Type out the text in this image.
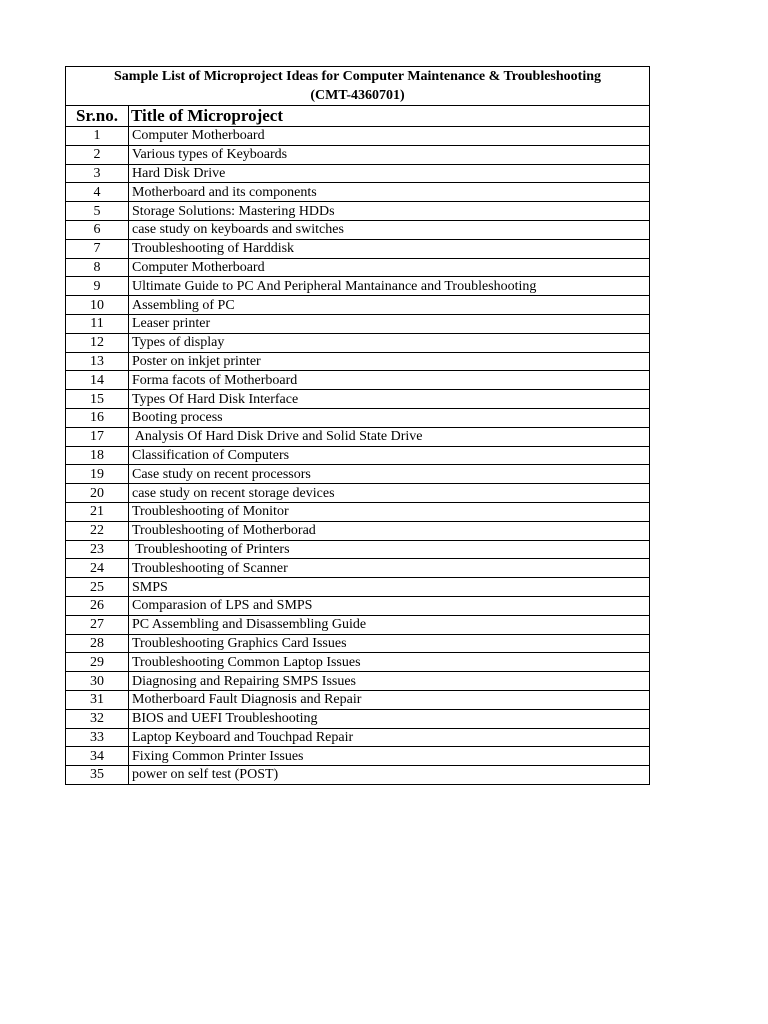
Sample List of Microproject Ideas for Computer Maintenance & Troubleshooting
(CMT-4360701)	

Sr.no.	Title of Microproject
1	Computer Motherboard
2	Various types of Keyboards
3	Hard Disk Drive
4	Motherboard and its components
5	Storage Solutions: Mastering HDDs
6	case study on keyboards and switches
7	Troubleshooting of Harddisk
8	Computer Motherboard
9	Ultimate Guide to PC And Peripheral Mantainance and Troubleshooting
10	Assembling of PC
11	Leaser printer
12	Types of display
13	Poster on inkjet printer
14	Forma facots of Motherboard
15	Types Of Hard Disk Interface
16	Booting process
17	Analysis Of Hard Disk Drive and Solid State Drive
18	Classification of Computers
19	Case study on recent processors
20	case study on recent storage devices
21	Troubleshooting of Monitor
22	Troubleshooting of Motherborad
23	Troubleshooting of Printers
24	Troubleshooting of Scanner
25	SMPS
26	Comparasion of LPS and SMPS
27	PC Assembling and Disassembling Guide
28	Troubleshooting Graphics Card Issues
29	Troubleshooting Common Laptop Issues
30	Diagnosing and Repairing SMPS Issues
31	Motherboard Fault Diagnosis and Repair
32	BIOS and UEFI Troubleshooting
33	Laptop Keyboard and Touchpad Repair
34	Fixing Common Printer Issues
35	power on self test (POST)
